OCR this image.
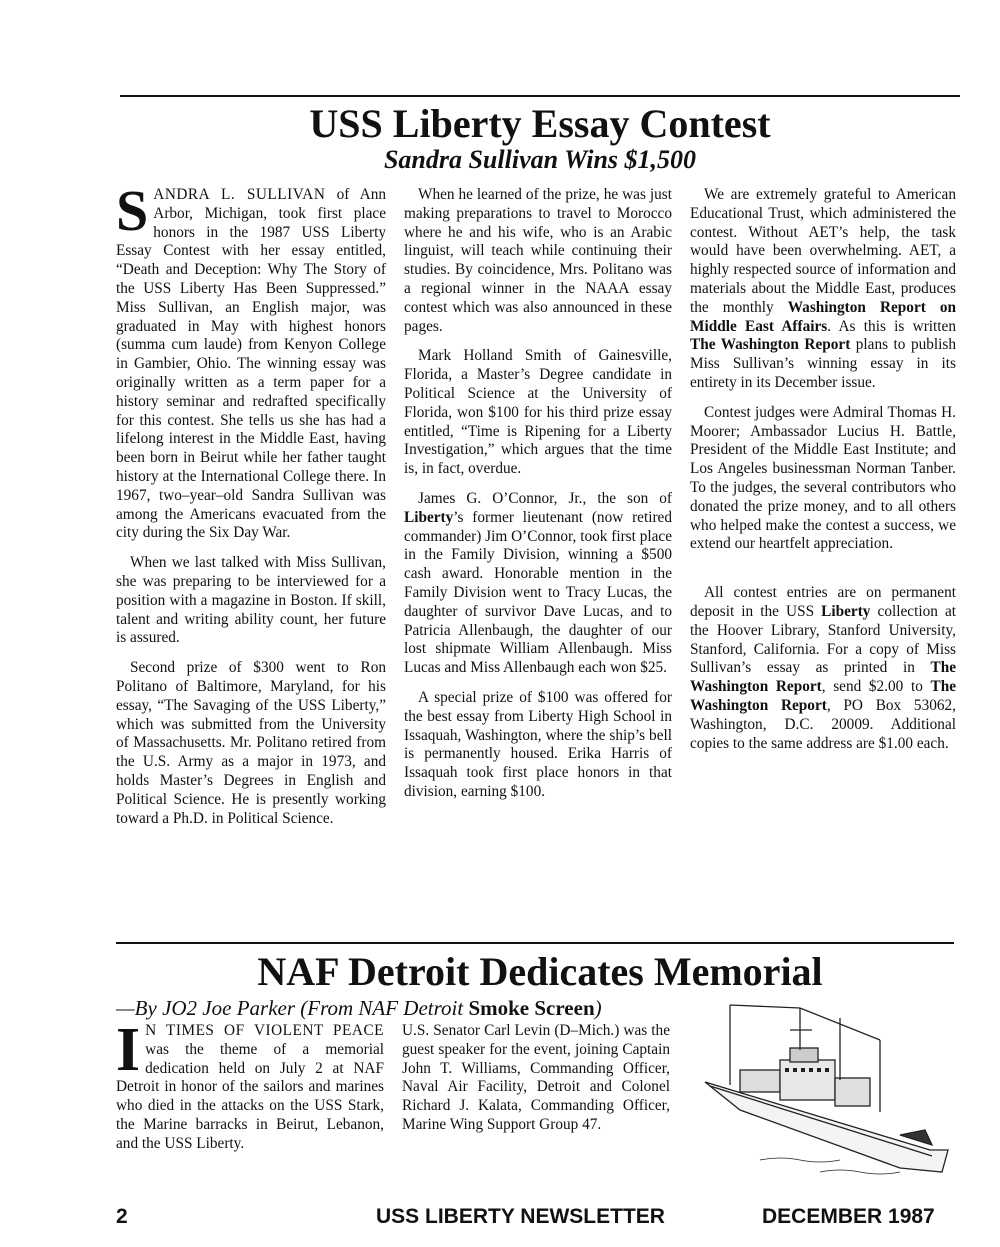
USS Liberty Essay Contest
Sandra Sullivan Wins $1,500

SANDRA L. SULLIVAN of Ann Arbor, Michigan, took first place honors in the 1987 USS Liberty Essay Contest with her essay entitled, “Death and Deception: Why The Story of the USS Liberty Has Been Suppressed.” Miss Sullivan, an English major, was graduated in May with highest honors (summa cum laude) from Kenyon College in Gambier, Ohio. The winning essay was originally written as a term paper for a history seminar and redrafted specifically for this contest. She tells us she has had a lifelong interest in the Middle East, having been born in Beirut while her father taught history at the International College there. In 1967, two–year–old Sandra Sullivan was among the Americans evacuated from the city during the Six Day War.

When we last talked with Miss Sullivan, she was preparing to be interviewed for a position with a magazine in Boston. If skill, talent and writing ability count, her future is assured.

Second prize of $300 went to Ron Politano of Baltimore, Maryland, for his essay, “The Savaging of the USS Liberty,” which was submitted from the University of Massachusetts. Mr. Politano retired from the U.S. Army as a major in 1973, and holds Master’s Degrees in English and Political Science. He is presently working toward a Ph.D. in Political Science.

When he learned of the prize, he was just making preparations to travel to Morocco where he and his wife, who is an Arabic linguist, will teach while continuing their studies. By coincidence, Mrs. Politano was a regional winner in the NAAA essay contest which was also announced in these pages.

Mark Holland Smith of Gainesville, Florida, a Master’s Degree candidate in Political Science at the University of Florida, won $100 for his third prize essay entitled, “Time is Ripening for a Liberty Investigation,” which argues that the time is, in fact, overdue.

James G. O’Connor, Jr., the son of Liberty’s former lieutenant (now retired commander) Jim O’Connor, took first place in the Family Division, winning a $500 cash award. Honorable mention in the Family Division went to Tracy Lucas, the daughter of survivor Dave Lucas, and to Patricia Allenbaugh, the daughter of our lost shipmate William Allenbaugh. Miss Lucas and Miss Allenbaugh each won $25.

A special prize of $100 was offered for the best essay from Liberty High School in Issaquah, Washington, where the ship’s bell is permanently housed. Erika Harris of Issaquah took first place honors in that division, earning $100.

We are extremely grateful to American Educational Trust, which administered the contest. Without AET’s help, the task would have been overwhelming. AET, a highly respected source of information and materials about the Middle East, produces the monthly Washington Report on Middle East Affairs. As this is written The Washington Report plans to publish Miss Sullivan’s winning essay in its entirety in its December issue.

Contest judges were Admiral Thomas H. Moorer; Ambassador Lucius H. Battle, President of the Middle East Institute; and Los Angeles businessman Norman Tanber. To the judges, the several contributors who donated the prize money, and to all others who helped make the contest a success, we extend our heartfelt appreciation.

All contest entries are on permanent deposit in the USS Liberty collection at the Hoover Library, Stanford University, Stanford, California. For a copy of Miss Sullivan’s essay as printed in The Washington Report, send $2.00 to The Washington Report, PO Box 53062, Washington, D.C. 20009. Additional copies to the same address are $1.00 each.

NAF Detroit Dedicates Memorial
—By JO2 Joe Parker (From NAF Detroit Smoke Screen)

I N TIMES OF VIOLENT PEACE was the theme of a memorial dedication held on July 2 at NAF Detroit in honor of the sailors and marines who died in the attacks on the USS Stark, the Marine barracks in Beirut, Lebanon, and the USS Liberty.

U.S. Senator Carl Levin (D–Mich.) was the guest speaker for the event, joining Captain John T. Williams, Commanding Officer, Naval Air Facility, Detroit and Colonel Richard J. Kalata, Commanding Officer, Marine Wing Support Group 47.

2	USS LIBERTY NEWSLETTER	DECEMBER 1987
